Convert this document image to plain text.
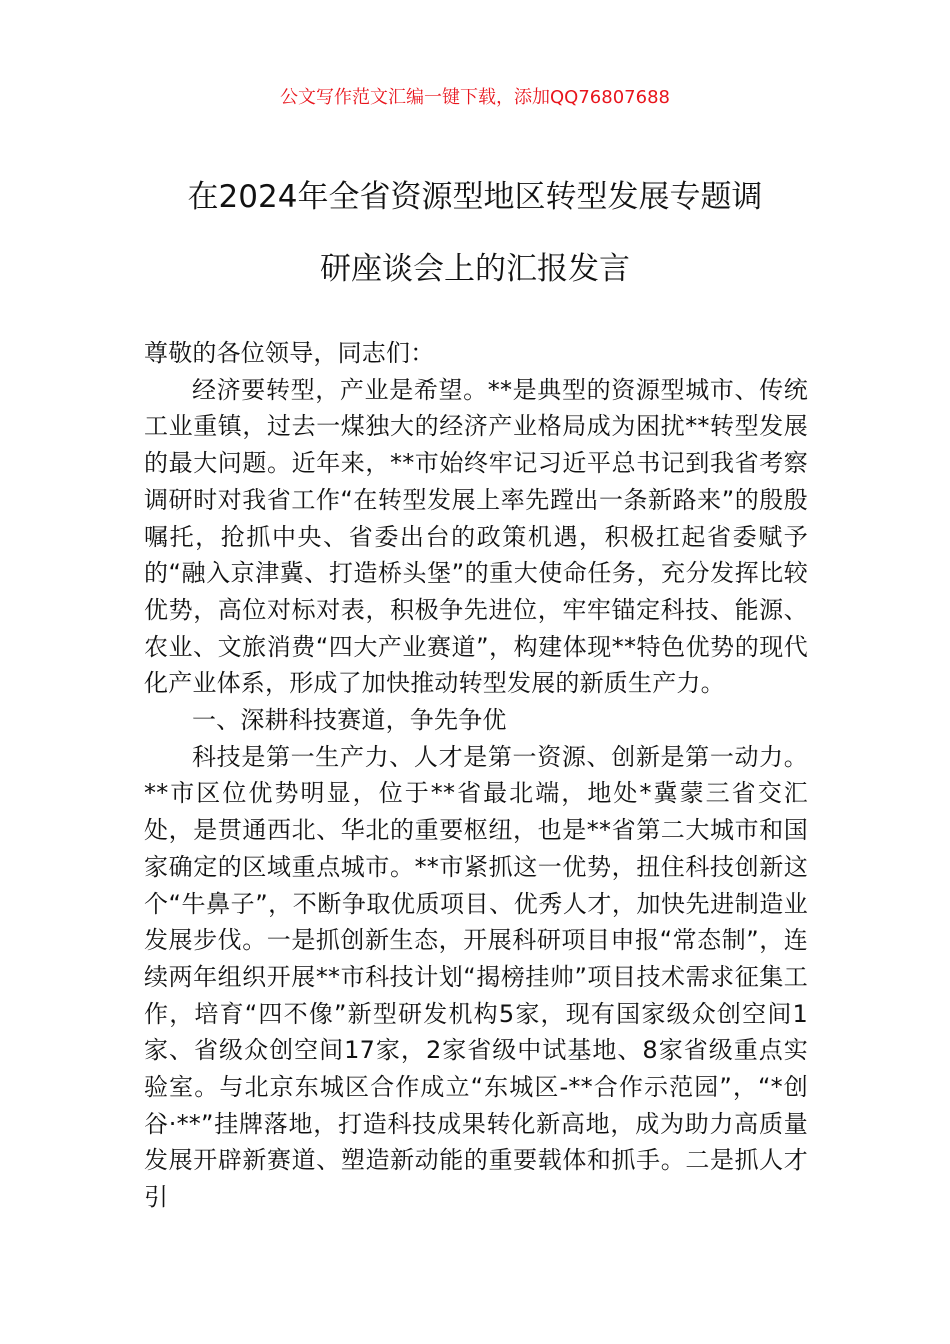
公文写作范文汇编一键下载，添加QQ76807688
在2024年全省资源型地区转型发展专题调
研座谈会上的汇报发言

尊敬的各位领导，同志们：

经济要转型，产业是希望。**是典型的资源型城市、传统工业重镇，过去一煤独大的经济产业格局成为困扰**转型发展的最大问题。近年来，**市始终牢记习近平总书记到我省考察调研时对我省工作“在转型发展上率先蹚出一条新路来”的殷殷嘱托，抢抓中央、省委出台的政策机遇，积极扛起省委赋予的“融入京津冀、打造桥头堡”的重大使命任务，充分发挥比较优势，高位对标对表，积极争先进位，牢牢锚定科技、能源、农业、文旅消费“四大产业赛道”，构建体现**特色优势的现代化产业体系，形成了加快推动转型发展的新质生产力。

一、深耕科技赛道，争先争优

科技是第一生产力、人才是第一资源、创新是第一动力。**市区位优势明显，位于**省最北端，地处*冀蒙三省交汇处，是贯通西北、华北的重要枢纽，也是**省第二大城市和国家确定的区域重点城市。**市紧抓这一优势，扭住科技创新这个“牛鼻子”，不断争取优质项目、优秀人才，加快先进制造业发展步伐。一是抓创新生态，开展科研项目申报“常态制”，连续两年组织开展**市科技计划“揭榜挂帅”项目技术需求征集工作，培育“四不像”新型研发机构5家，现有国家级众创空间1家、省级众创空间17家，2家省级中试基地、8家省级重点实验室。与北京东城区合作成立“东城区-**合作示范园”，“*创谷·**”挂牌落地，打造科技成果转化新高地，成为助力高质量发展开辟新赛道、塑造新动能的重要载体和抓手。二是抓人才引
